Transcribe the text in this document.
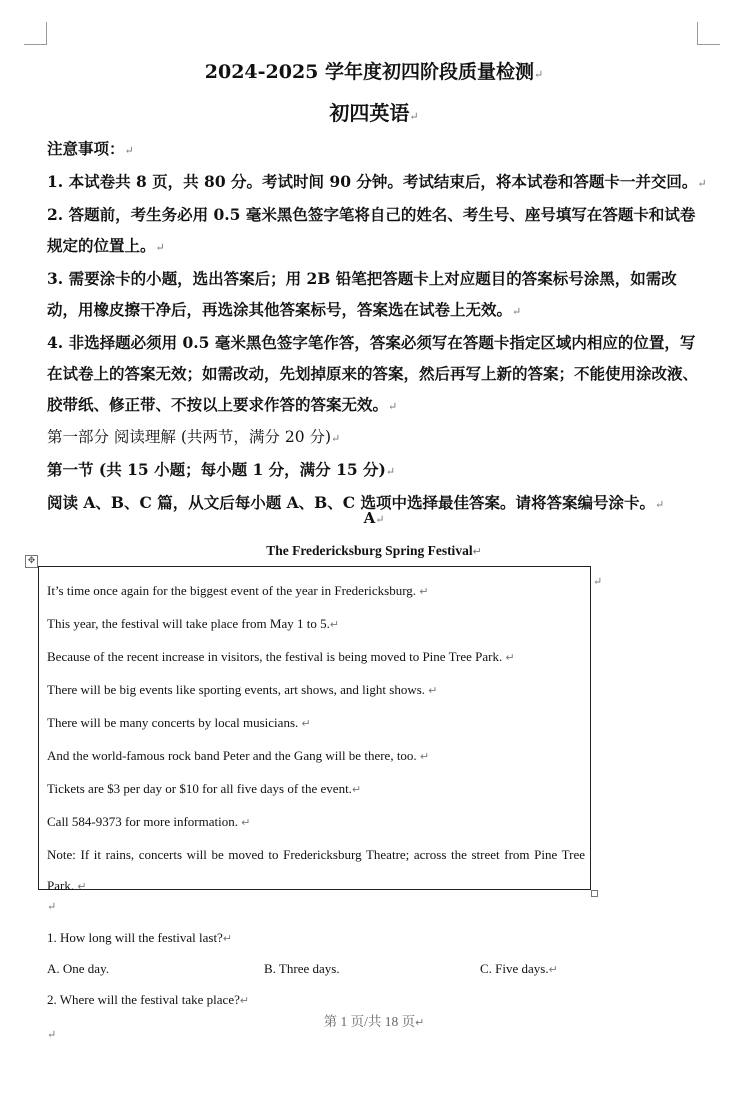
2024-2025 学年度初四阶段质量检测↵
初四英语↵

注意事项：↵

1. 本试卷共 8 页，共 80 分。考试时间 90 分钟。考试结束后，将本试卷和答题卡一并交回。↵

2. 答题前，考生务必用 0.5 毫米黑色签字笔将自己的姓名、考生号、座号填写在答题卡和试卷规定的位置上。↵

3. 需要涂卡的小题，选出答案后；用 2B 铅笔把答题卡上对应题目的答案标号涂黑，如需改动，用橡皮擦干净后，再选涂其他答案标号，答案选在试卷上无效。↵

4. 非选择题必须用 0.5 毫米黑色签字笔作答，答案必须写在答题卡指定区域内相应的位置，写在试卷上的答案无效；如需改动，先划掉原来的答案，然后再写上新的答案；不能使用涂改液、胶带纸、修正带、不按以上要求作答的答案无效。↵

第一部分 阅读理解 (共两节，满分 20 分)↵

第一节 (共 15 小题；每小题 1 分，满分 15 分)↵

阅读 A、B、C 篇，从文后每小题 A、B、C 选项中选择最佳答案。请将答案编号涂卡。↵

A↵
The Fredericksburg Spring Festival↵
✥
It’s time once again for the biggest event of the year in Fredericksburg. ↵
This year, the festival will take place from May 1 to 5.↵
Because of the recent increase in visitors, the festival is being moved to Pine Tree Park. ↵
There will be big events like sporting events, art shows, and light shows. ↵
There will be many concerts by local musicians. ↵
And the world-famous rock band Peter and the Gang will be there, too. ↵
Tickets are $3 per day or $10 for all five days of the event.↵
Call 584-9373 for more information. ↵
Note: If it rains, concerts will be moved to Fredericksburg Theatre; across the street from Pine Tree Park. ↵
↵
↵
1. How long will the festival last?↵
A. One day.	B. Three days.	C. Five days.↵
2. Where will the festival take place?↵
第 1 页/共 18 页↵
↵
